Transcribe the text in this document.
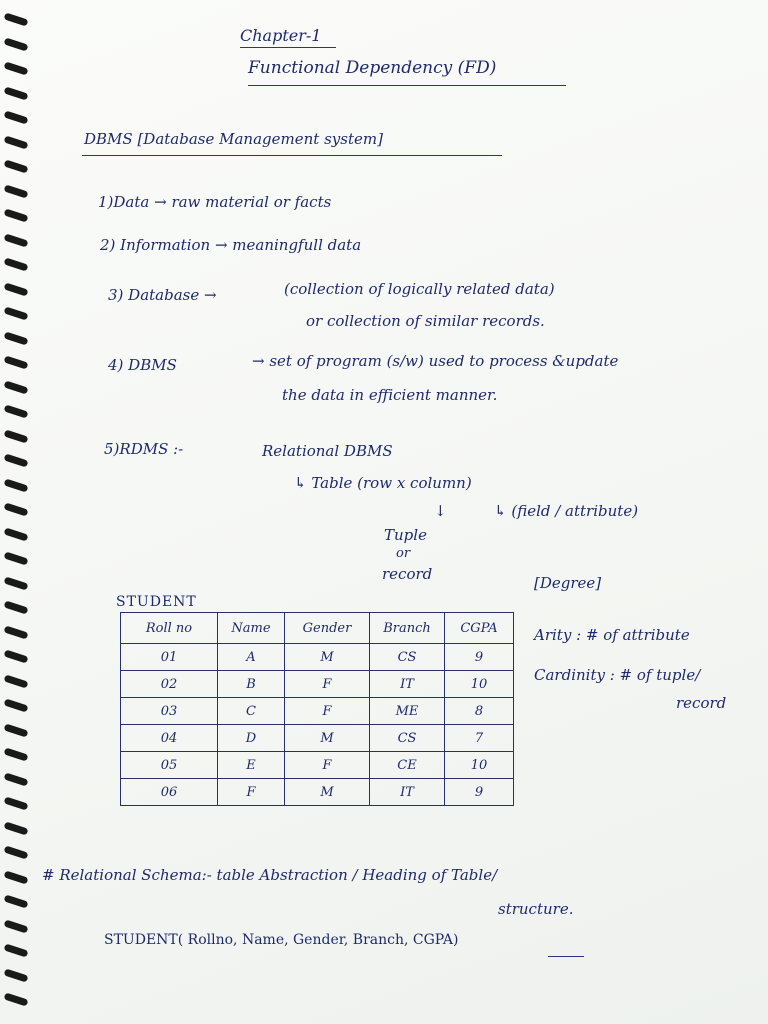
Chapter-1
Functional Dependency (FD)
DBMS [Database Management system]
1)Data → raw material or facts
2) Information → meaningfull data
3) Database →	(collection of logically related data)
or collection of similar records.
4) DBMS	→ set of program (s/w) used to process &update
the data in efficient manner.
5)RDMS :-	Relational DBMS
↳ Table (row x column)
↓	↳ (field / attribute)
Tuple
or
record	[Degree]
STUDENT
Roll no	Name	Gender	Branch	CGPA
01	A	M	CS	9
02	B	F	IT	10
03	C	F	ME	8
04	D	M	CS	7
05	E	F	CE	10
06	F	M	IT	9
Arity : # of attribute
Cardinity : # of tuple/
record
# Relational Schema:- table Abstraction / Heading of Table/
structure.
STUDENT( Rollno, Name, Gender, Branch, CGPA)
